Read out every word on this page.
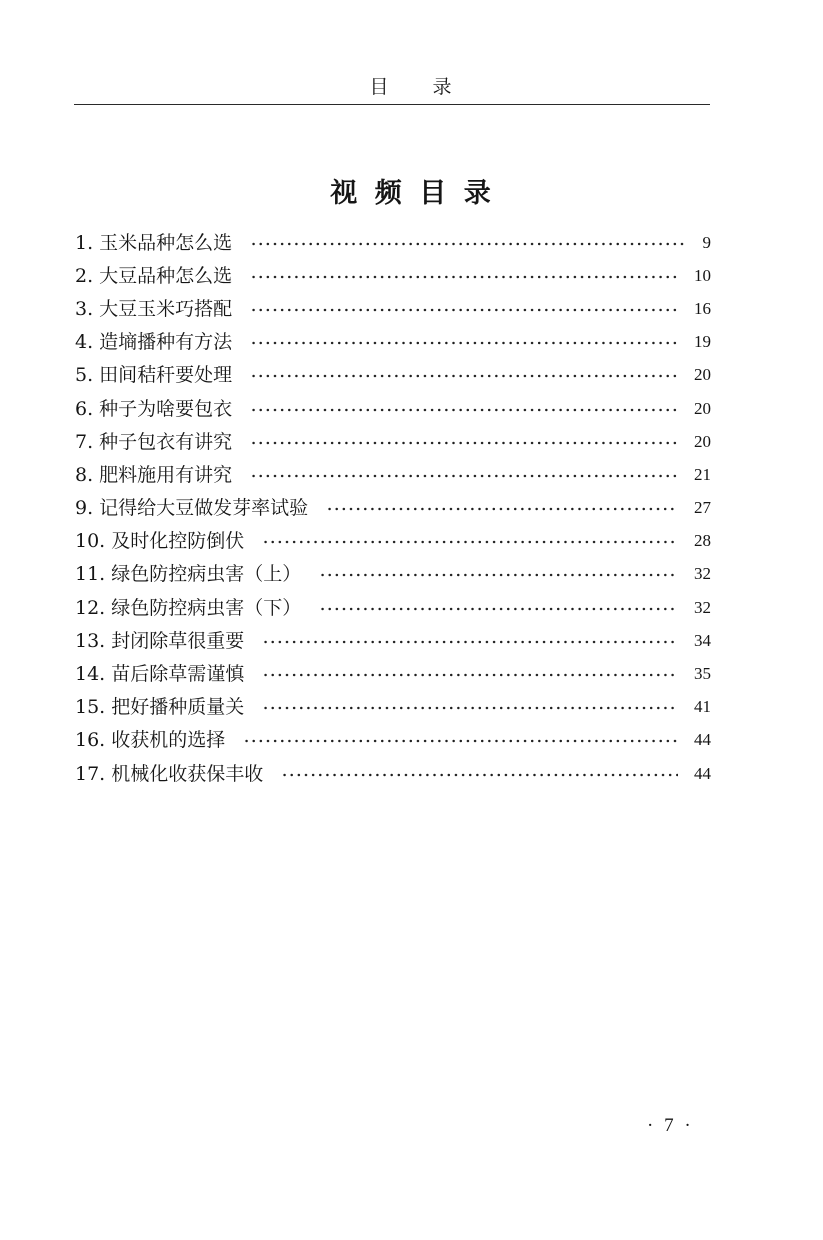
目　　录
视 频 目 录
1. 玉米品种怎么选	9
2. 大豆品种怎么选	10
3. 大豆玉米巧搭配	16
4. 造墒播种有方法	19
5. 田间秸秆要处理	20
6. 种子为啥要包衣	20
7. 种子包衣有讲究	20
8. 肥料施用有讲究	21
9. 记得给大豆做发芽率试验	27
10. 及时化控防倒伏	28
11. 绿色防控病虫害（上）	32
12. 绿色防控病虫害（下）	32
13. 封闭除草很重要	34
14. 苗后除草需谨慎	35
15. 把好播种质量关	41
16. 收获机的选择	44
17. 机械化收获保丰收	44
· 7 ·
